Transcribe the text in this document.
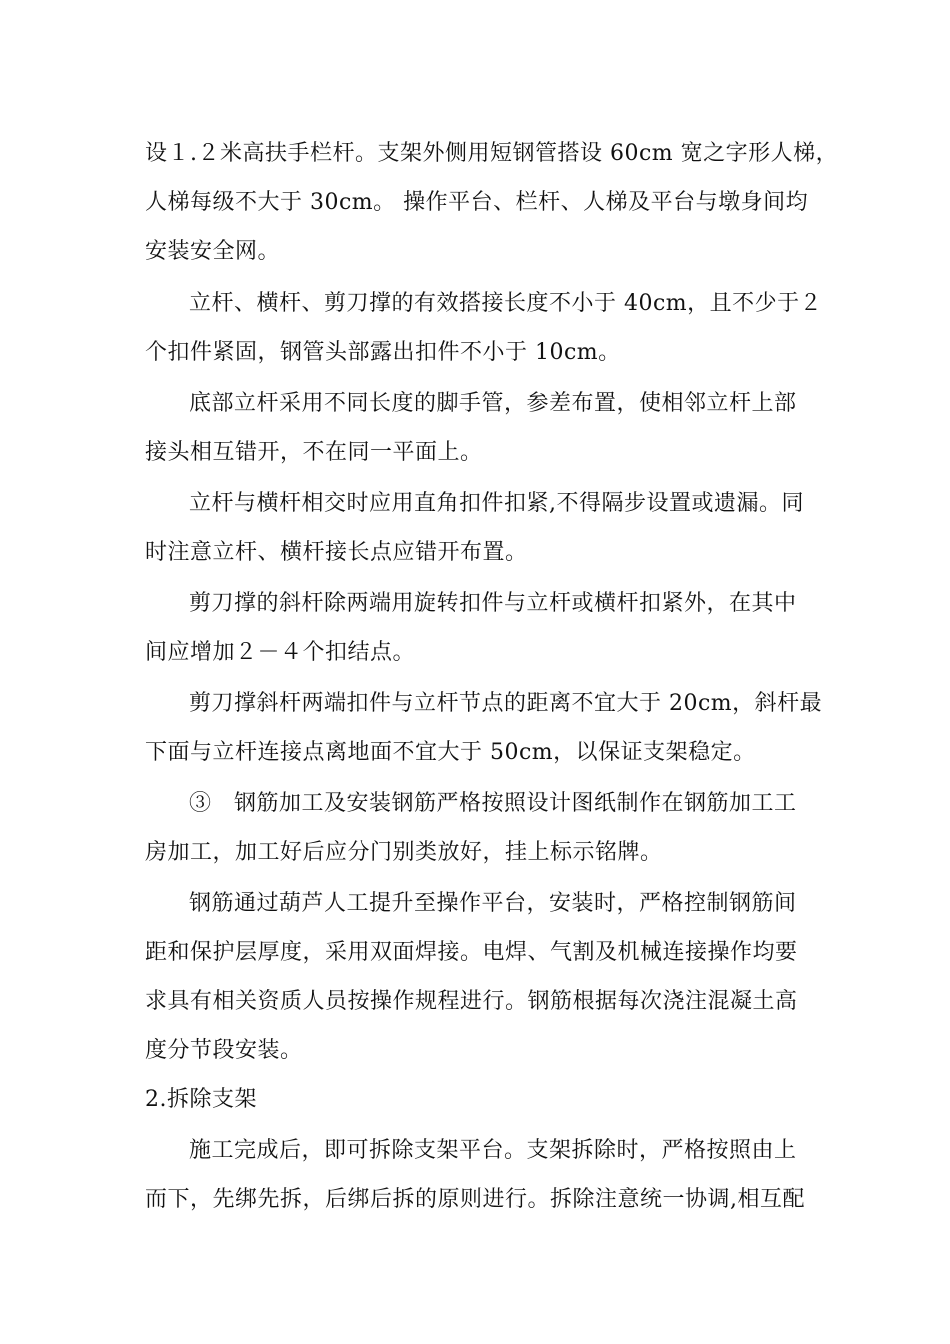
设１.２米高扶手栏杆。支架外侧用短钢管搭设 60cm 宽之字形人梯，
人梯每级不大于 30cm。 操作平台、栏杆、人梯及平台与墩身间均
安装安全网。
立杆、横杆、剪刀撑的有效搭接长度不小于 40cm，且不少于２
个扣件紧固，钢管头部露出扣件不小于 10cm。
底部立杆采用不同长度的脚手管，参差布置，使相邻立杆上部
接头相互错开，不在同一平面上。
立杆与横杆相交时应用直角扣件扣紧,不得隔步设置或遗漏。同
时注意立杆、横杆接长点应错开布置。
剪刀撑的斜杆除两端用旋转扣件与立杆或横杆扣紧外，在其中
间应增加２－４个扣结点。
剪刀撑斜杆两端扣件与立杆节点的距离不宜大于 20cm，斜杆最
下面与立杆连接点离地面不宜大于 50cm，以保证支架稳定。
③　钢筋加工及安装钢筋严格按照设计图纸制作在钢筋加工工
房加工，加工好后应分门别类放好，挂上标示铭牌。
钢筋通过葫芦人工提升至操作平台，安装时，严格控制钢筋间
距和保护层厚度，采用双面焊接。电焊、气割及机械连接操作均要
求具有相关资质人员按操作规程进行。钢筋根据每次浇注混凝土高
度分节段安装。
2.拆除支架
施工完成后，即可拆除支架平台。支架拆除时，严格按照由上
而下，先绑先拆，后绑后拆的原则进行。拆除注意统一协调,相互配
